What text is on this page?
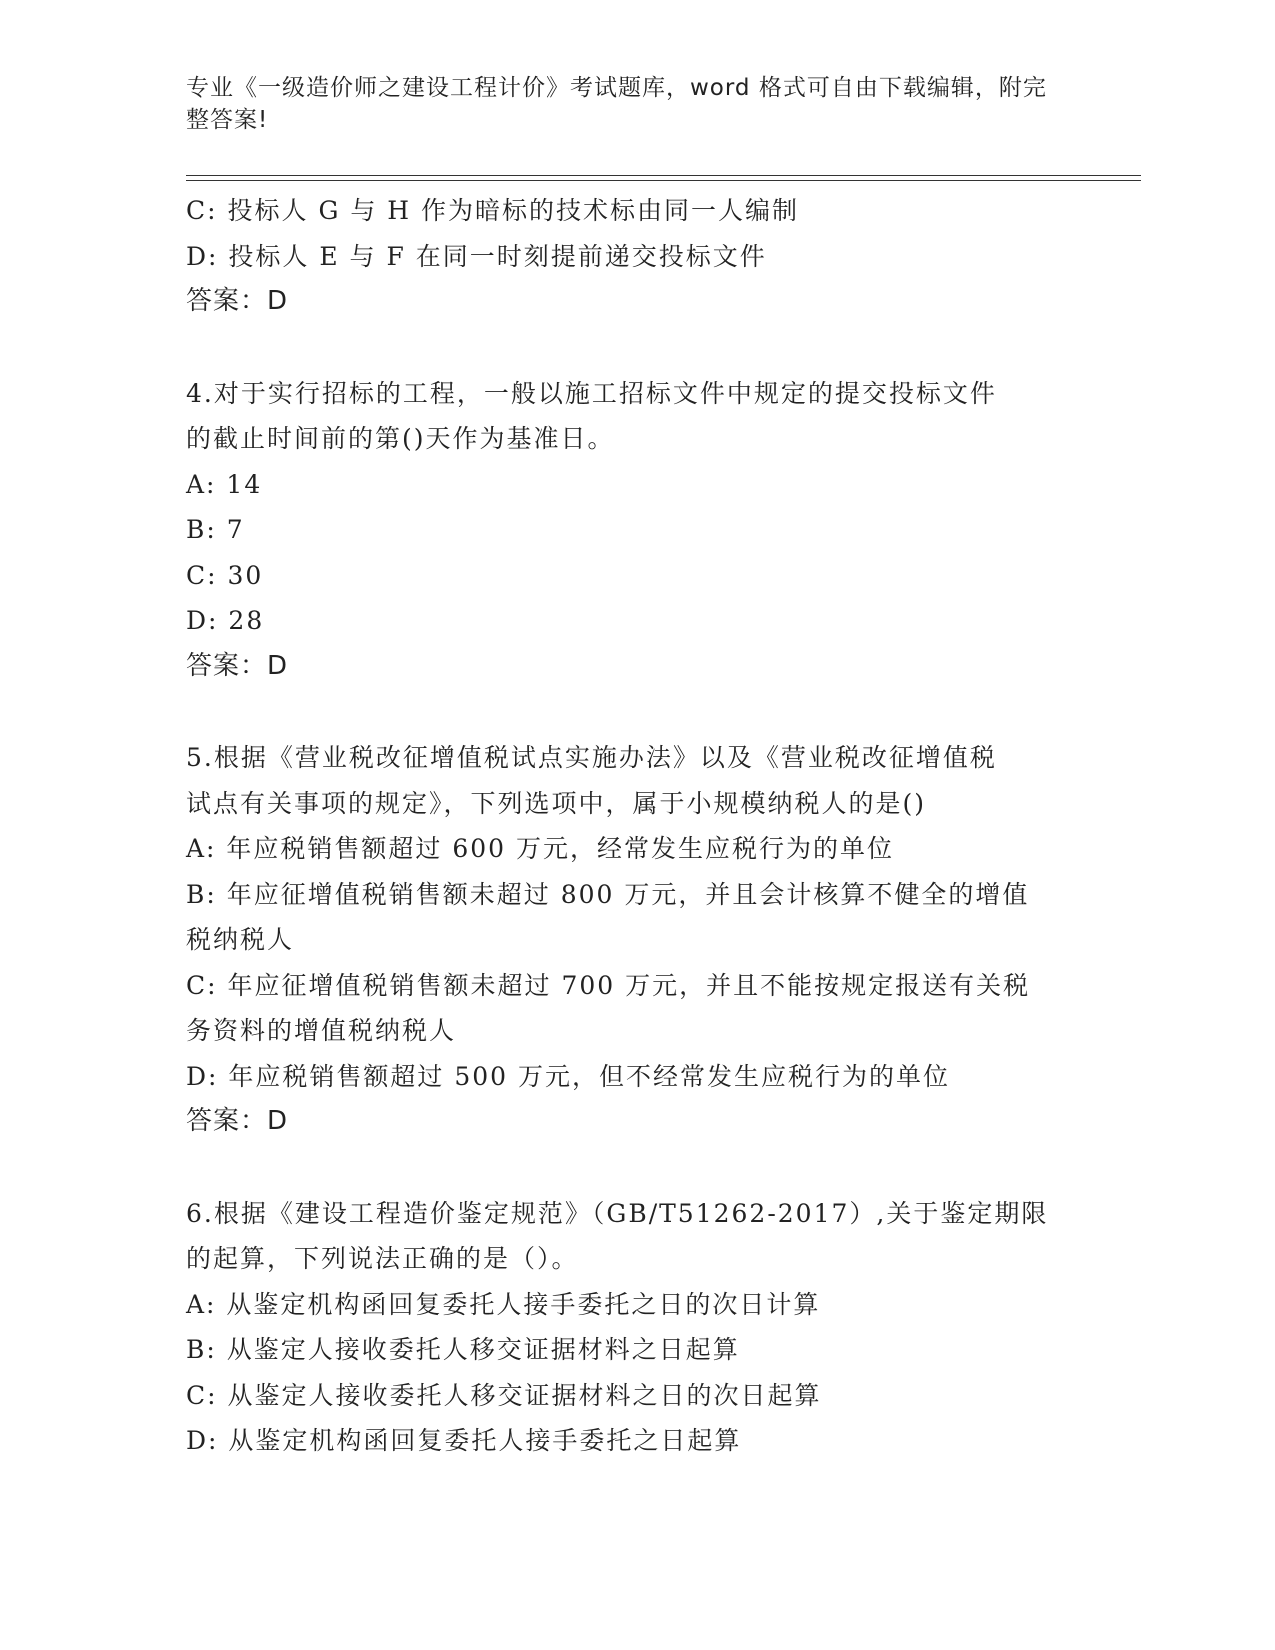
专业《一级造价师之建设工程计价》考试题库，word 格式可自由下载编辑，附完
整答案!
C: 投标人 G 与 H 作为暗标的技术标由同一人编制
D: 投标人 E 与 F 在同一时刻提前递交投标文件
答案：D
4.对于实行招标的工程，一般以施工招标文件中规定的提交投标文件
的截止时间前的第()天作为基准日。
A: 14
B: 7
C: 30
D: 28
答案：D
5.根据《营业税改征增值税试点实施办法》以及《营业税改征增值税
试点有关事项的规定》，下列选项中，属于小规模纳税人的是()
A: 年应税销售额超过 600 万元，经常发生应税行为的单位
B: 年应征增值税销售额未超过 800 万元，并且会计核算不健全的增值
税纳税人
C: 年应征增值税销售额未超过 700 万元，并且不能按规定报送有关税
务资料的增值税纳税人
D: 年应税销售额超过 500 万元，但不经常发生应税行为的单位
答案：D
6.根据《建设工程造价鉴定规范》（GB/T51262-2017）,关于鉴定期限
的起算，下列说法正确的是（）。
A: 从鉴定机构函回复委托人接手委托之日的次日计算
B: 从鉴定人接收委托人移交证据材料之日起算
C: 从鉴定人接收委托人移交证据材料之日的次日起算
D: 从鉴定机构函回复委托人接手委托之日起算
